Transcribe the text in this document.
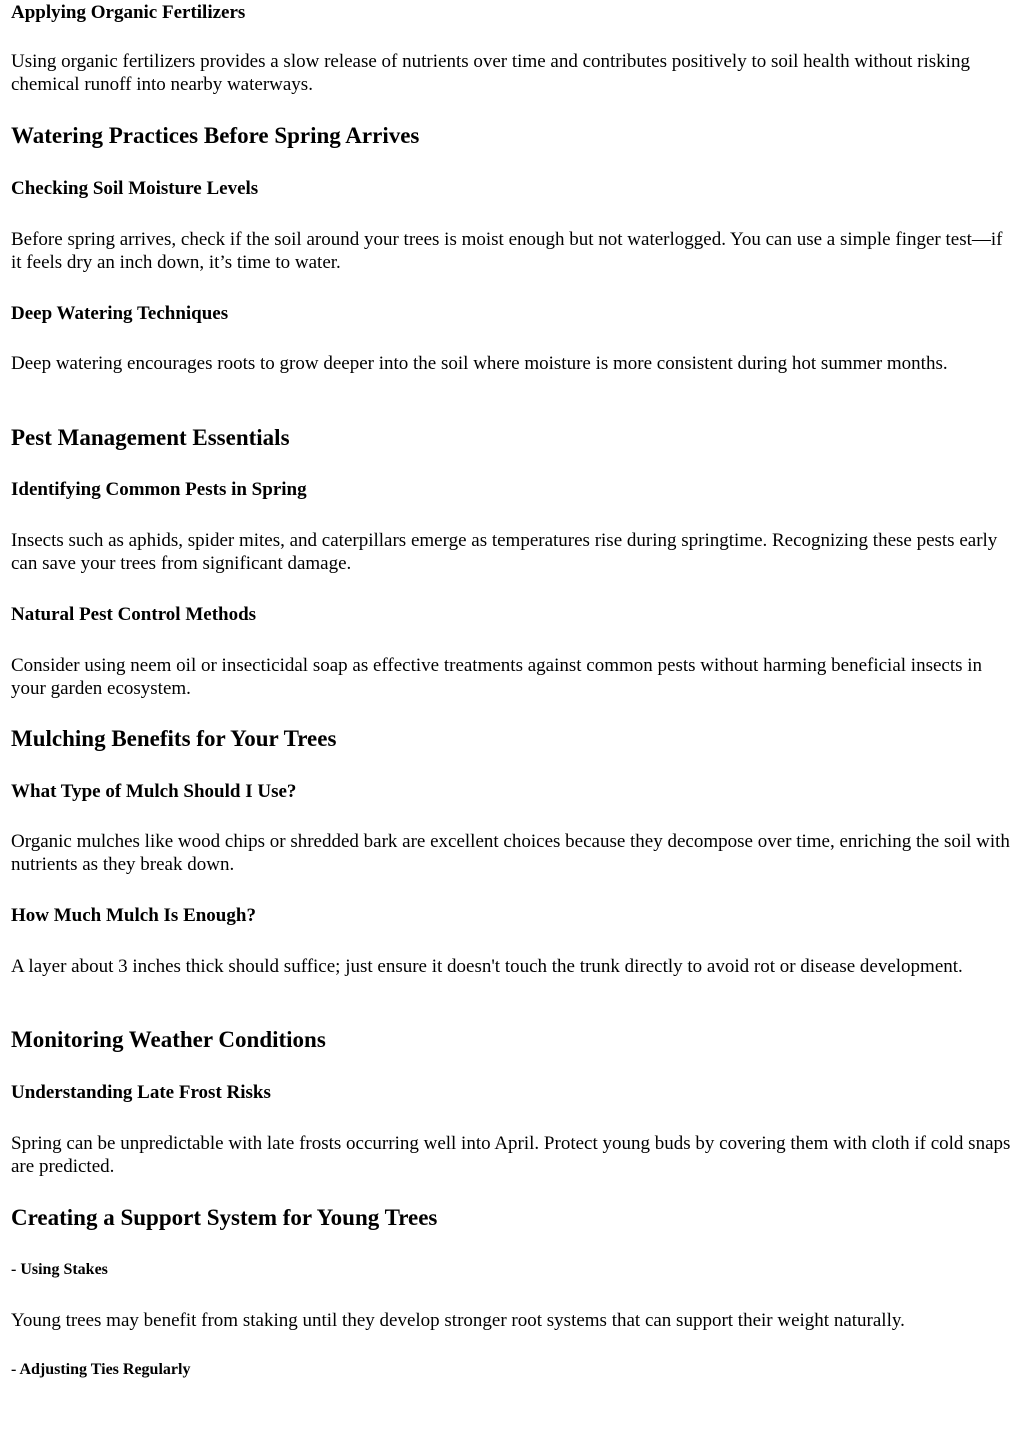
Applying Organic Fertilizers
Using organic fertilizers provides a slow release of nutrients over time and contributes positively to soil health without risking chemical runoff into nearby waterways.
Watering Practices Before Spring Arrives
Checking Soil Moisture Levels
Before spring arrives, check if the soil around your trees is moist enough but not waterlogged. You can use a simple finger test—if it feels dry an inch down, it’s time to water.
Deep Watering Techniques
Deep watering encourages roots to grow deeper into the soil where moisture is more consistent during hot summer months.
Pest Management Essentials
Identifying Common Pests in Spring
Insects such as aphids, spider mites, and caterpillars emerge as temperatures rise during springtime. Recognizing these pests early can save your trees from significant damage.
Natural Pest Control Methods
Consider using neem oil or insecticidal soap as effective treatments against common pests without harming beneficial insects in your garden ecosystem.
Mulching Benefits for Your Trees
What Type of Mulch Should I Use?
Organic mulches like wood chips or shredded bark are excellent choices because they decompose over time, enriching the soil with nutrients as they break down.
How Much Mulch Is Enough?
A layer about 3 inches thick should suffice; just ensure it doesn't touch the trunk directly to avoid rot or disease development.
Monitoring Weather Conditions
Understanding Late Frost Risks
Spring can be unpredictable with late frosts occurring well into April. Protect young buds by covering them with cloth if cold snaps are predicted.
Creating a Support System for Young Trees
- Using Stakes
Young trees may benefit from staking until they develop stronger root systems that can support their weight naturally.
- Adjusting Ties Regularly
